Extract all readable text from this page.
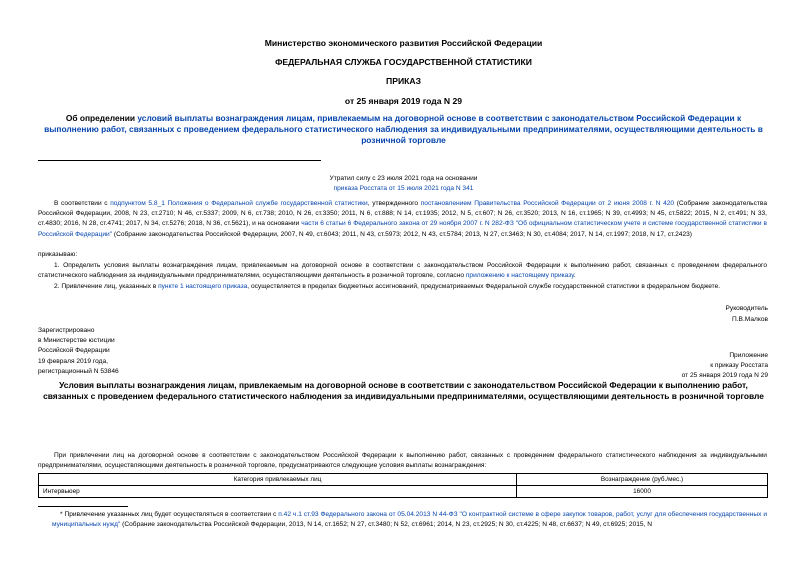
Министерство экономического развития Российской Федерации
ФЕДЕРАЛЬНАЯ СЛУЖБА ГОСУДАРСТВЕННОЙ СТАТИСТИКИ
ПРИКАЗ
от 25 января 2019 года N 29
Об определении условий выплаты вознаграждения лицам, привлекаемым на договорной основе в соответствии с законодательством Российской Федерации к выполнению работ, связанных с проведением федерального статистического наблюдения за индивидуальными предпринимателями, осуществляющими деятельность в розничной торговле
Утратил силу с 23 июля 2021 года на основании
приказа Росстата от 15 июля 2021 года N 341
В соответствии с подпунктом 5.8_1 Положения о Федеральной службе государственной статистики, утвержденного постановлением Правительства Российской Федерации от 2 июня 2008 г. N 420 (Собрание законодательства Российской Федерации, 2008, N 23, ст.2710; N 46, ст.5337; 2009, N 6, ст.738; 2010, N 26, ст.3350; 2011, N 6, ст.888; N 14, ст.1935; 2012, N 5, ст.607; N 26, ст.3520; 2013, N 16, ст.1965; N 39, ст.4993; N 45, ст.5822; 2015, N 2, ст.491; N 33, ст.4830; 2016, N 28, ст.4741; 2017, N 34, ст.5276; 2018, N 36, ст.5621), и на основании части 6 статьи 6 Федерального закона от 29 ноября 2007 г. N 282-ФЗ "Об официальном статистическом учете и системе государственной статистики в Российской Федерации" (Собрание законодательства Российской Федерации, 2007, N 49, ст.6043; 2011, N 43, ст.5973; 2012, N 43, ст.5784; 2013, N 27, ст.3463; N 30, ст.4084; 2017, N 14, ст.1997; 2018, N 17, ст.2423)
приказываю:
1. Определить условия выплаты вознаграждения лицам, привлекаемым на договорной основе в соответствии с законодательством Российской Федерации к выполнению работ, связанных с проведением федерального статистического наблюдения за индивидуальными предпринимателями, осуществляющими деятельность в розничной торговле, согласно приложению к настоящему приказу.
2. Привлечение лиц, указанных в пункте 1 настоящего приказа, осуществляется в пределах бюджетных ассигнований, предусматриваемых Федеральной службе государственной статистики в федеральном бюджете.
Руководитель
П.В.Малков
Зарегистрировано
в Министерстве юстиции
Российской Федерации
19 февраля 2019 года,
регистрационный N 53846
Приложение
к приказу Росстата
от 25 января 2019 года N 29
Условия выплаты вознаграждения лицам, привлекаемым на договорной основе в соответствии с законодательством Российской Федерации к выполнению работ, связанных с проведением федерального статистического наблюдения за индивидуальными предпринимателями, осуществляющими деятельность в розничной торговле
При привлечении лиц на договорной основе в соответствии с законодательством Российской Федерации к выполнению работ, связанных с проведением федерального статистического наблюдения за индивидуальными предпринимателями, осуществляющими деятельность в розничной торговле, предусматриваются следующие условия выплаты вознаграждения:
Категория привлекаемых лиц	Вознаграждение (руб./мес.)
Интервьюер	16000
* Привлечение указанных лиц будет осуществляться в соответствии с п.42 ч.1 ст.93 Федерального закона от 05.04.2013 N 44-ФЗ "О контрактной системе в сфере закупок товаров, работ, услуг для обеспечения государственных и муниципальных нужд" (Собрание законодательства Российской Федерации, 2013, N 14, ст.1652; N 27, ст.3480; N 52, ст.6961; 2014, N 23, ст.2925; N 30, ст.4225; N 48, ст.6637; N 49, ст.6925; 2015, N
